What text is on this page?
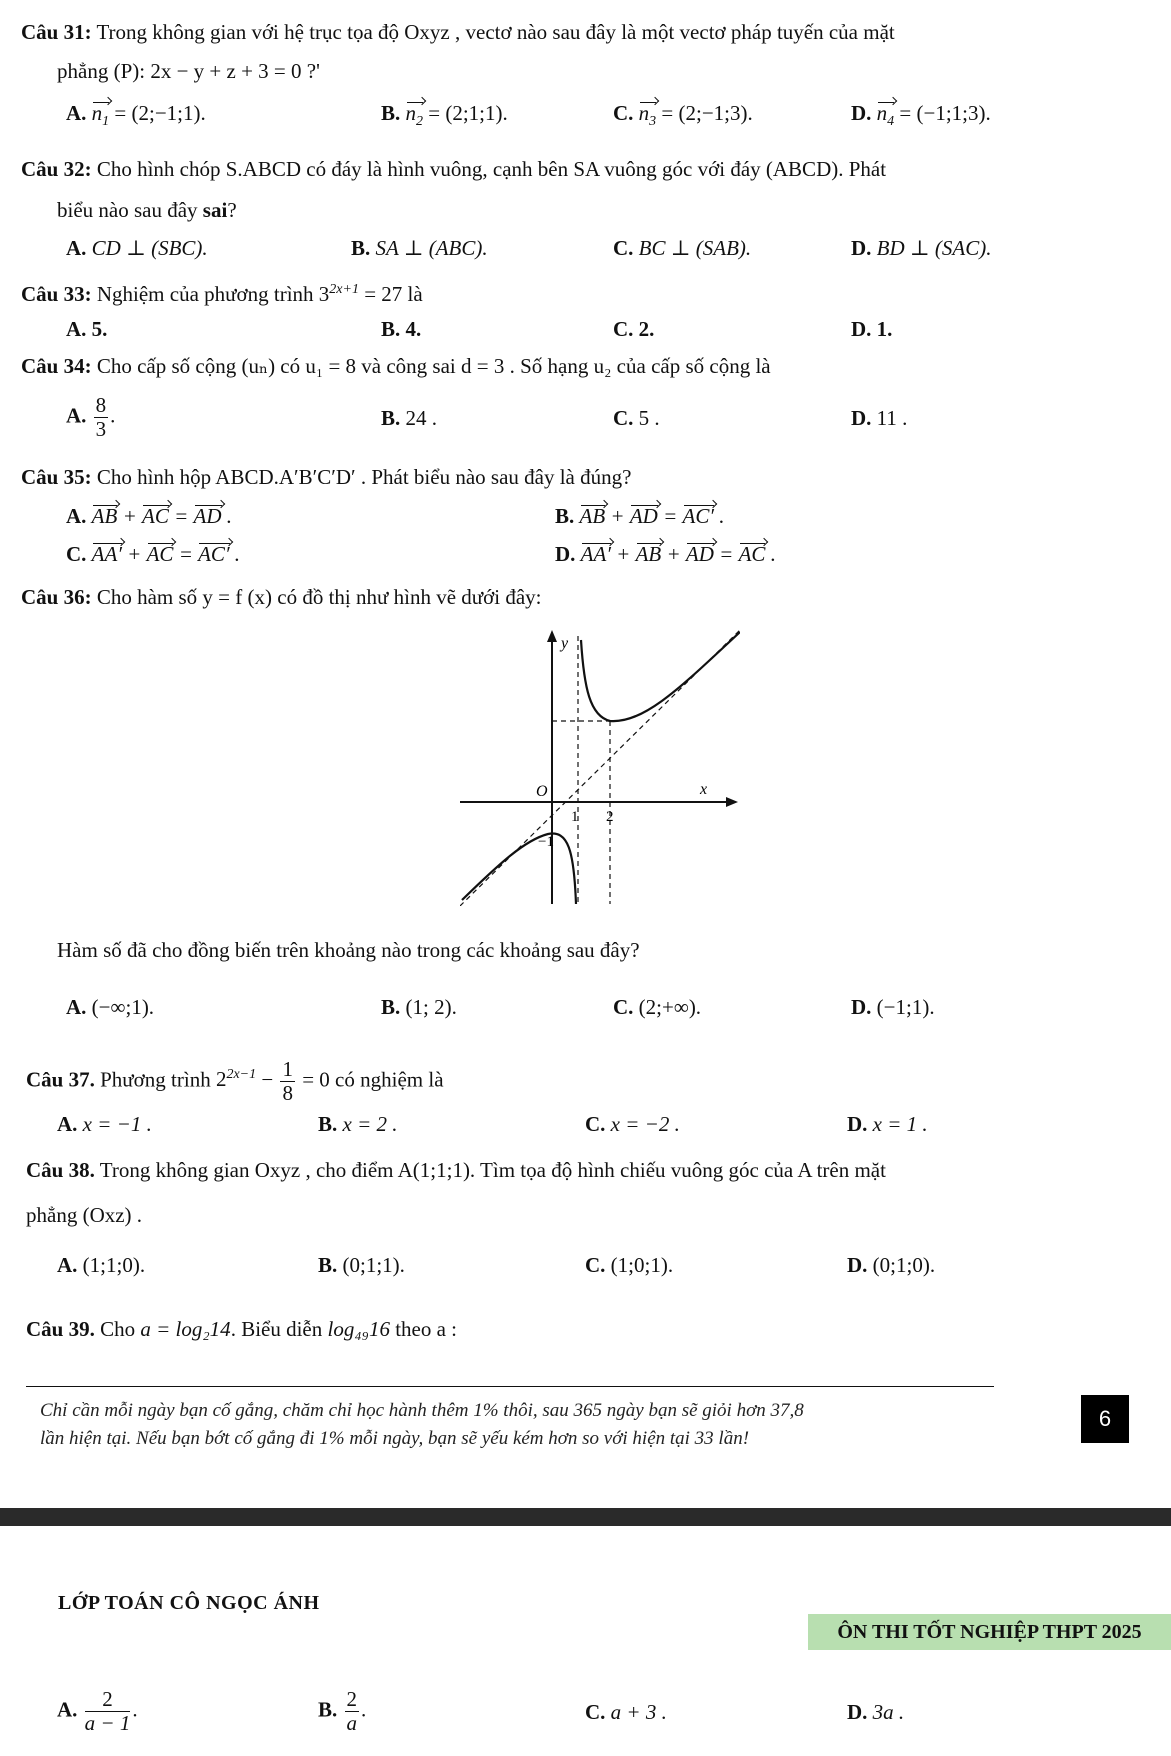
Câu 31: Trong không gian với hệ trục tọa độ Oxyz , vectơ nào sau đây là một vectơ pháp tuyến của mặt
phẳng (P): 2x − y + z + 3 = 0 ?'
A. $n_1$ = (2;−1;1).	B. $n_2$ = (2;1;1).	C. $n_3$ = (2;−1;3).	D. $n_4$ = (−1;1;3).
Câu 32: Cho hình chóp S.ABCD có đáy là hình vuông, cạnh bên SA vuông góc với đáy (ABCD). Phát
biểu nào sau đây sai?
A. CD ⊥ (SBC).	B. SA ⊥ (ABC).	C. BC ⊥ (SAB).	D. BD ⊥ (SAC).
Câu 33: Nghiệm của phương trình $3^{2x+1} = 27$ là
A. 5.	B. 4.	C. 2.	D. 1.
Câu 34: Cho cấp số cộng (uₙ) có u₁ = 8 và công sai d = 3 . Số hạng u₂ của cấp số cộng là
A. $\frac{8}{3}$ .	B. 24 .	C. 5 .	D. 11 .
Câu 35: Cho hình hộp ABCD.A′B′C′D′ . Phát biểu nào sau đây là đúng?
A. AB + AC = AD .	B. AB + AD = AC′ .
C. AA′ + AC = AC′ .	D. AA′ + AB + AD = AC .
Câu 36: Cho hàm số y = f (x) có đồ thị như hình vẽ dưới đây:
y
x
O
1 2
−1
Hàm số đã cho đồng biến trên khoảng nào trong các khoảng sau đây?
A. (−∞;1).	B. (1; 2).	C. (2;+∞).	D. (−1;1).
Câu 37. Phương trình $2^{2x-1} - \frac{1}{8} = 0$ có nghiệm là
A. x = −1 .	B. x = 2 .	C. x = −2 .	D. x = 1 .
Câu 38. Trong không gian Oxyz , cho điểm A(1;1;1). Tìm tọa độ hình chiếu vuông góc của A trên mặt
phẳng (Oxz) .
A. (1;1;0).	B. (0;1;1).	C. (1;0;1).	D. (0;1;0).
Câu 39. Cho a = log₂14. Biểu diễn log₄₉16 theo a :
Chỉ cần mỗi ngày bạn cố gắng, chăm chỉ học hành thêm 1% thôi, sau 365 ngày bạn sẽ giỏi hơn 37,8
lần hiện tại. Nếu bạn bớt cố gắng đi 1% mỗi ngày, bạn sẽ yếu kém hơn so với hiện tại 33 lần!
6
LỚP TOÁN CÔ NGỌC ÁNH
ÔN THI TỐT NGHIỆP THPT 2025
A. $\frac{2}{a - 1}$ .	B. $\frac{2}{a}$ .	C. a + 3 .	D. 3a .
